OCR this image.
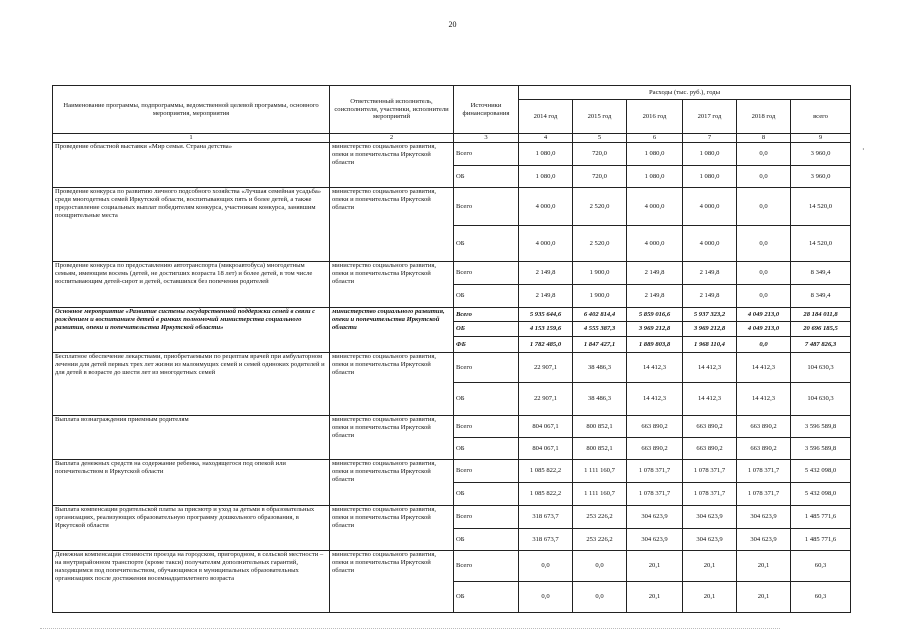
20
Наименование программы, подпрограммы, ведомственной целевой программы, основного мероприятия, мероприятия	Ответственный исполнитель, соисполнители, участники, исполнители мероприятий	Источники финансирования	Расходы (тыс. руб.), годы					
			2014 год	2015 год	2016 год	2017 год	2018 год	всего
1	2	3	4	5	6	7	8	9
Проведение областной выставки «Мир семьи. Страна детства»	министерство социального развития, опеки и попечительства Иркутской области	Всего	1 080,0	720,0	1 080,0	1 080,0	0,0	3 960,0
		ОБ	1 080,0	720,0	1 080,0	1 080,0	0,0	3 960,0
Проведение конкурса по развитию личного подсобного хозяйства «Лучшая семейная усадьба» среди многодетных семей Иркутской области, воспитывающих пять и более детей, а также предоставление социальных выплат победителям конкурса, участникам конкурса, занявшим поощрительные места	министерство социального развития, опеки и попечительства Иркутской области	Всего	4 000,0	2 520,0	4 000,0	4 000,0	0,0	14 520,0
		ОБ	4 000,0	2 520,0	4 000,0	4 000,0	0,0	14 520,0
Проведение конкурса по предоставлению автотранспорта (микроавтобуса) многодетным семьям, имеющим восемь (детей, не достигших возраста 18 лет) и более детей, в том числе воспитывающим детей-сирот и детей, оставшихся без попечения родителей	министерство социального развития, опеки и попечительства Иркутской области	Всего	2 149,8	1 900,0	2 149,8	2 149,8	0,0	8 349,4
		ОБ	2 149,8	1 900,0	2 149,8	2 149,8	0,0	8 349,4
Основное мероприятие «Развитие системы государственной поддержки семей в связи с рождением и воспитанием детей в рамках полномочий министерства социального развития, опеки и попечительства Иркутской области»	министерство социального развития, опеки и попечительства Иркутской области	Всего	5 935 644,6	6 402 814,4	5 859 016,6	5 937 323,2	4 049 213,0	28 184 011,8
		ОБ	4 153 159,6	4 555 387,3	3 969 212,8	3 969 212,8	4 049 213,0	20 696 185,5
		ФБ	1 782 485,0	1 847 427,1	1 889 803,8	1 968 110,4	0,0	7 487 826,3
Бесплатное обеспечение лекарствами, приобретаемыми по рецептам врачей при амбулаторном лечении для детей первых трех лет жизни из малоимущих семей и семей одиноких родителей и для детей в возрасте до шести лет из многодетных семей	министерство социального развития, опеки и попечительства Иркутской области	Всего	22 907,1	38 486,3	14 412,3	14 412,3	14 412,3	104 630,3
		ОБ	22 907,1	38 486,3	14 412,3	14 412,3	14 412,3	104 630,3
Выплата вознаграждения приемным родителям	министерство социального развития, опеки и попечительства Иркутской области	Всего	804 067,1	800 852,1	663 890,2	663 890,2	663 890,2	3 596 589,8
		ОБ	804 067,1	800 852,1	663 890,2	663 890,2	663 890,2	3 596 589,8
Выплата денежных средств на содержание ребенка, находящегося под опекой или попечительством в Иркутской области	министерство социального развития, опеки и попечительства Иркутской области	Всего	1 085 822,2	1 111 160,7	1 078 371,7	1 078 371,7	1 078 371,7	5 432 098,0
		ОБ	1 085 822,2	1 111 160,7	1 078 371,7	1 078 371,7	1 078 371,7	5 432 098,0
Выплата компенсации родительской платы за присмотр и уход за детьми в образовательных организациях, реализующих образовательную программу дошкольного образования, в Иркутской области	министерство социального развития, опеки и попечительства Иркутской области	Всего	318 673,7	253 226,2	304 623,9	304 623,9	304 623,9	1 485 771,6
		ОБ	318 673,7	253 226,2	304 623,9	304 623,9	304 623,9	1 485 771,6
Денежная компенсация стоимости проезда на городском, пригородном, в сельской местности – на внутрирайонном транспорте (кроме такси) получателям дополнительных гарантий, находящимся под попечительством, обучающимся в муниципальных образовательных организациях после достижения восемнадцатилетнего возраста	министерство социального развития, опеки и попечительства Иркутской области	Всего	0,0	0,0	20,1	20,1	20,1	60,3
		ОБ	0,0	0,0	20,1	20,1	20,1	60,3
·
